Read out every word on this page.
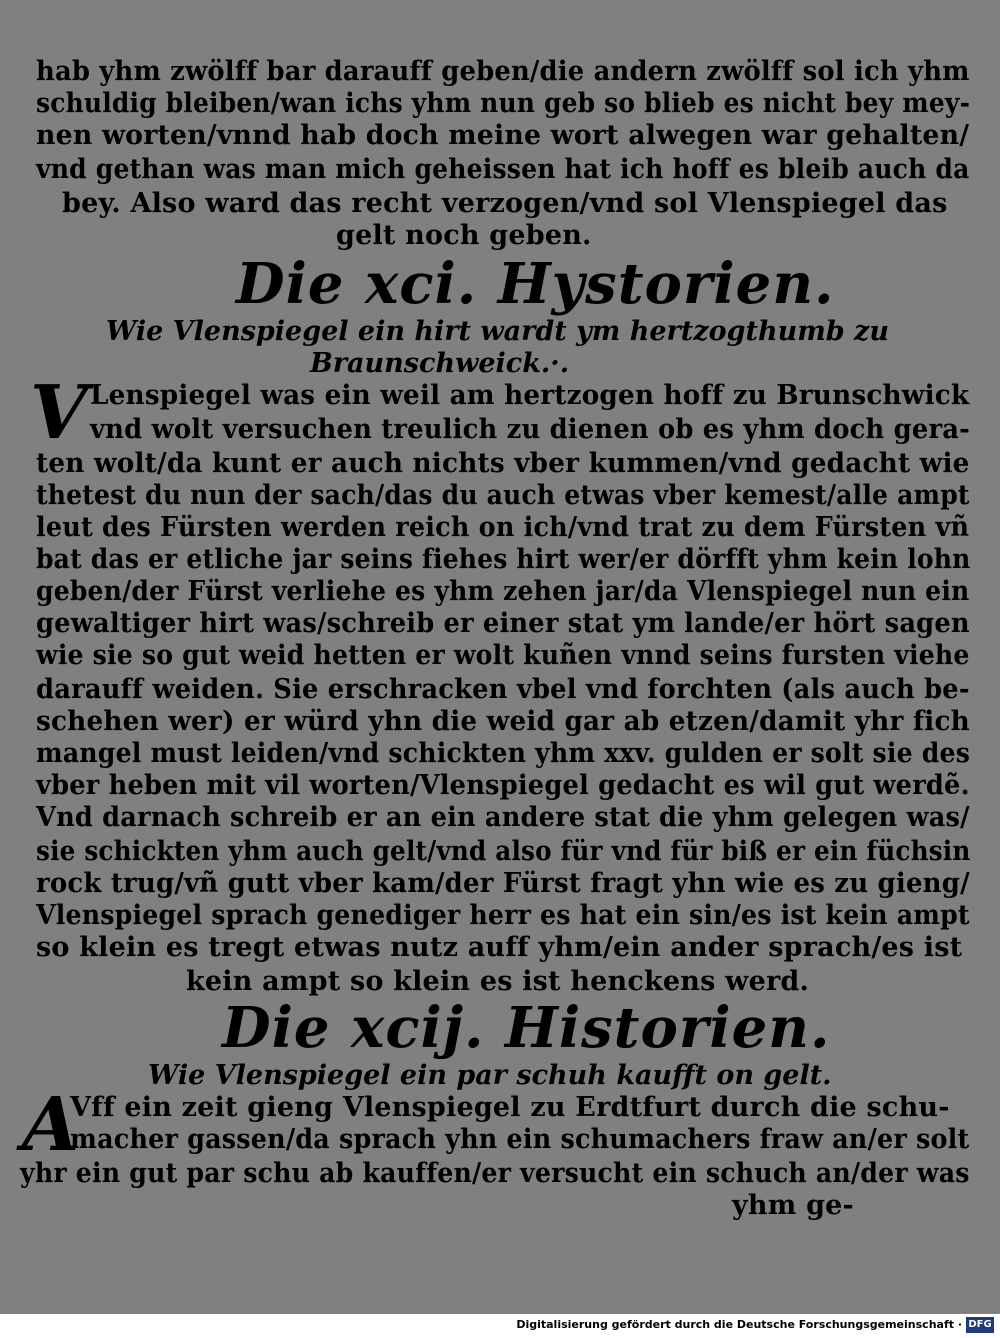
hab yhm zwölff bar darauff geben/die andern zwölff sol ich yhm
schuldig bleiben/wan ichs yhm nun geb so blieb es nicht bey mey-
nen worten/vnnd hab doch meine wort alwegen war gehalten/
vnd gethan was man mich geheissen hat ich hoff es bleib auch da
bey. Also ward das recht verzogen/vnd sol Vlenspiegel das
gelt noch geben.
Die xci. Hystorien.
Wie Vlenspiegel ein hirt wardt ym hertzogthumb zu
Braunschweick.·.
V Lenspiegel was ein weil am hertzogen hoff zu Brunschwick
vnd wolt versuchen treulich zu dienen ob es yhm doch gera-
ten wolt/da kunt er auch nichts vber kummen/vnd gedacht wie
thetest du nun der sach/das du auch etwas vber kemest/alle ampt
leut des Fürsten werden reich on ich/vnd trat zu dem Fürsten vñ
bat das er etliche jar seins fiehes hirt wer/er dörfft yhm kein lohn
geben/der Fürst verliehe es yhm zehen jar/da Vlenspiegel nun ein
gewaltiger hirt was/schreib er einer stat ym lande/er hört sagen
wie sie so gut weid hetten er wolt kuñen vnnd seins fursten viehe
darauff weiden. Sie erschracken vbel vnd forchten (als auch be-
schehen wer) er würd yhn die weid gar ab etzen/damit yhr fich
mangel must leiden/vnd schickten yhm xxv. gulden er solt sie des
vber heben mit vil worten/Vlenspiegel gedacht es wil gut werdẽ.
Vnd darnach schreib er an ein andere stat die yhm gelegen was/
sie schickten yhm auch gelt/vnd also für vnd für biß er ein füchsin
rock trug/vñ gutt vber kam/der Fürst fragt yhn wie es zu gieng/
Vlenspiegel sprach genediger herr es hat ein sin/es ist kein ampt
so klein es tregt etwas nutz auff yhm/ein ander sprach/es ist
kein ampt so klein es ist henckens werd.
Die xcij. Historien.
Wie Vlenspiegel ein par schuh kaufft on gelt.
A
Vff ein zeit gieng Vlenspiegel zu Erdtfurt durch die schu-
macher gassen/da sprach yhn ein schumachers fraw an/er solt
yhr ein gut par schu ab kauffen/er versucht ein schuch an/der was
yhm ge-
Digitalisierung gefördert durch die Deutsche Forschungsgemeinschaft · DFG
